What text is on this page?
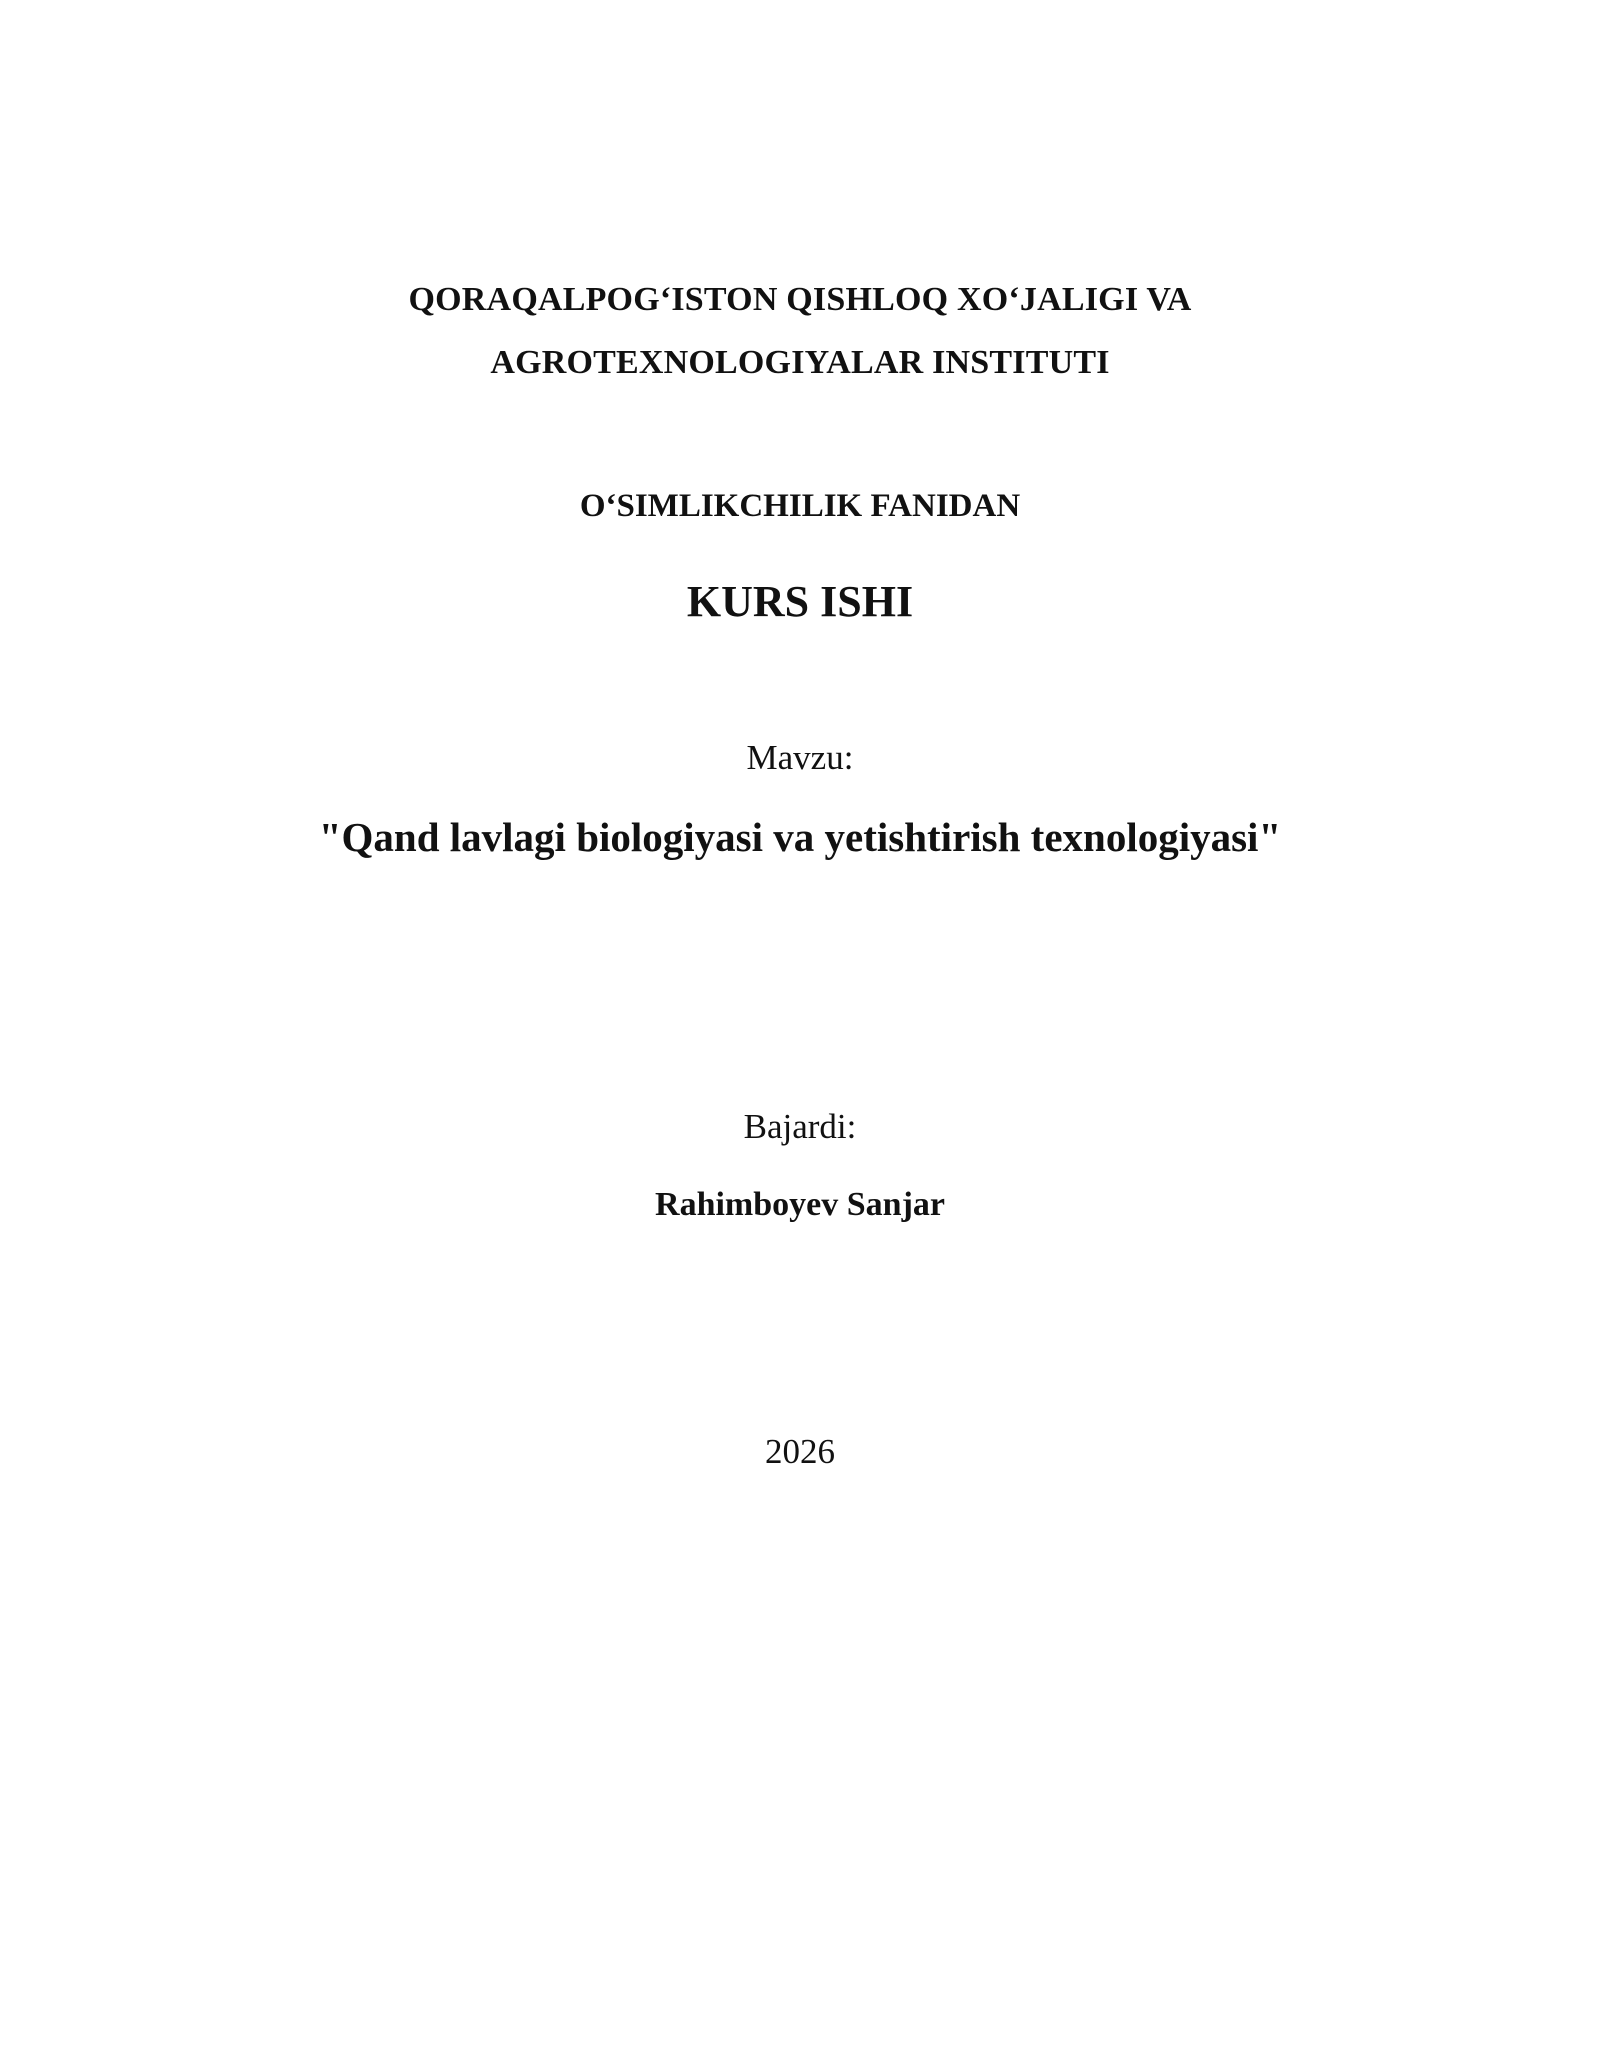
QORAQALPOG‘ISTON QISHLOQ XO‘JALIGI VA
AGROTEXNOLOGIYALAR INSTITUTI
O‘SIMLIKCHILIK FANIDAN
KURS ISHI
Mavzu:
"Qand lavlagi biologiyasi va yetishtirish texnologiyasi"
Bajardi:
Rahimboyev Sanjar
2026
